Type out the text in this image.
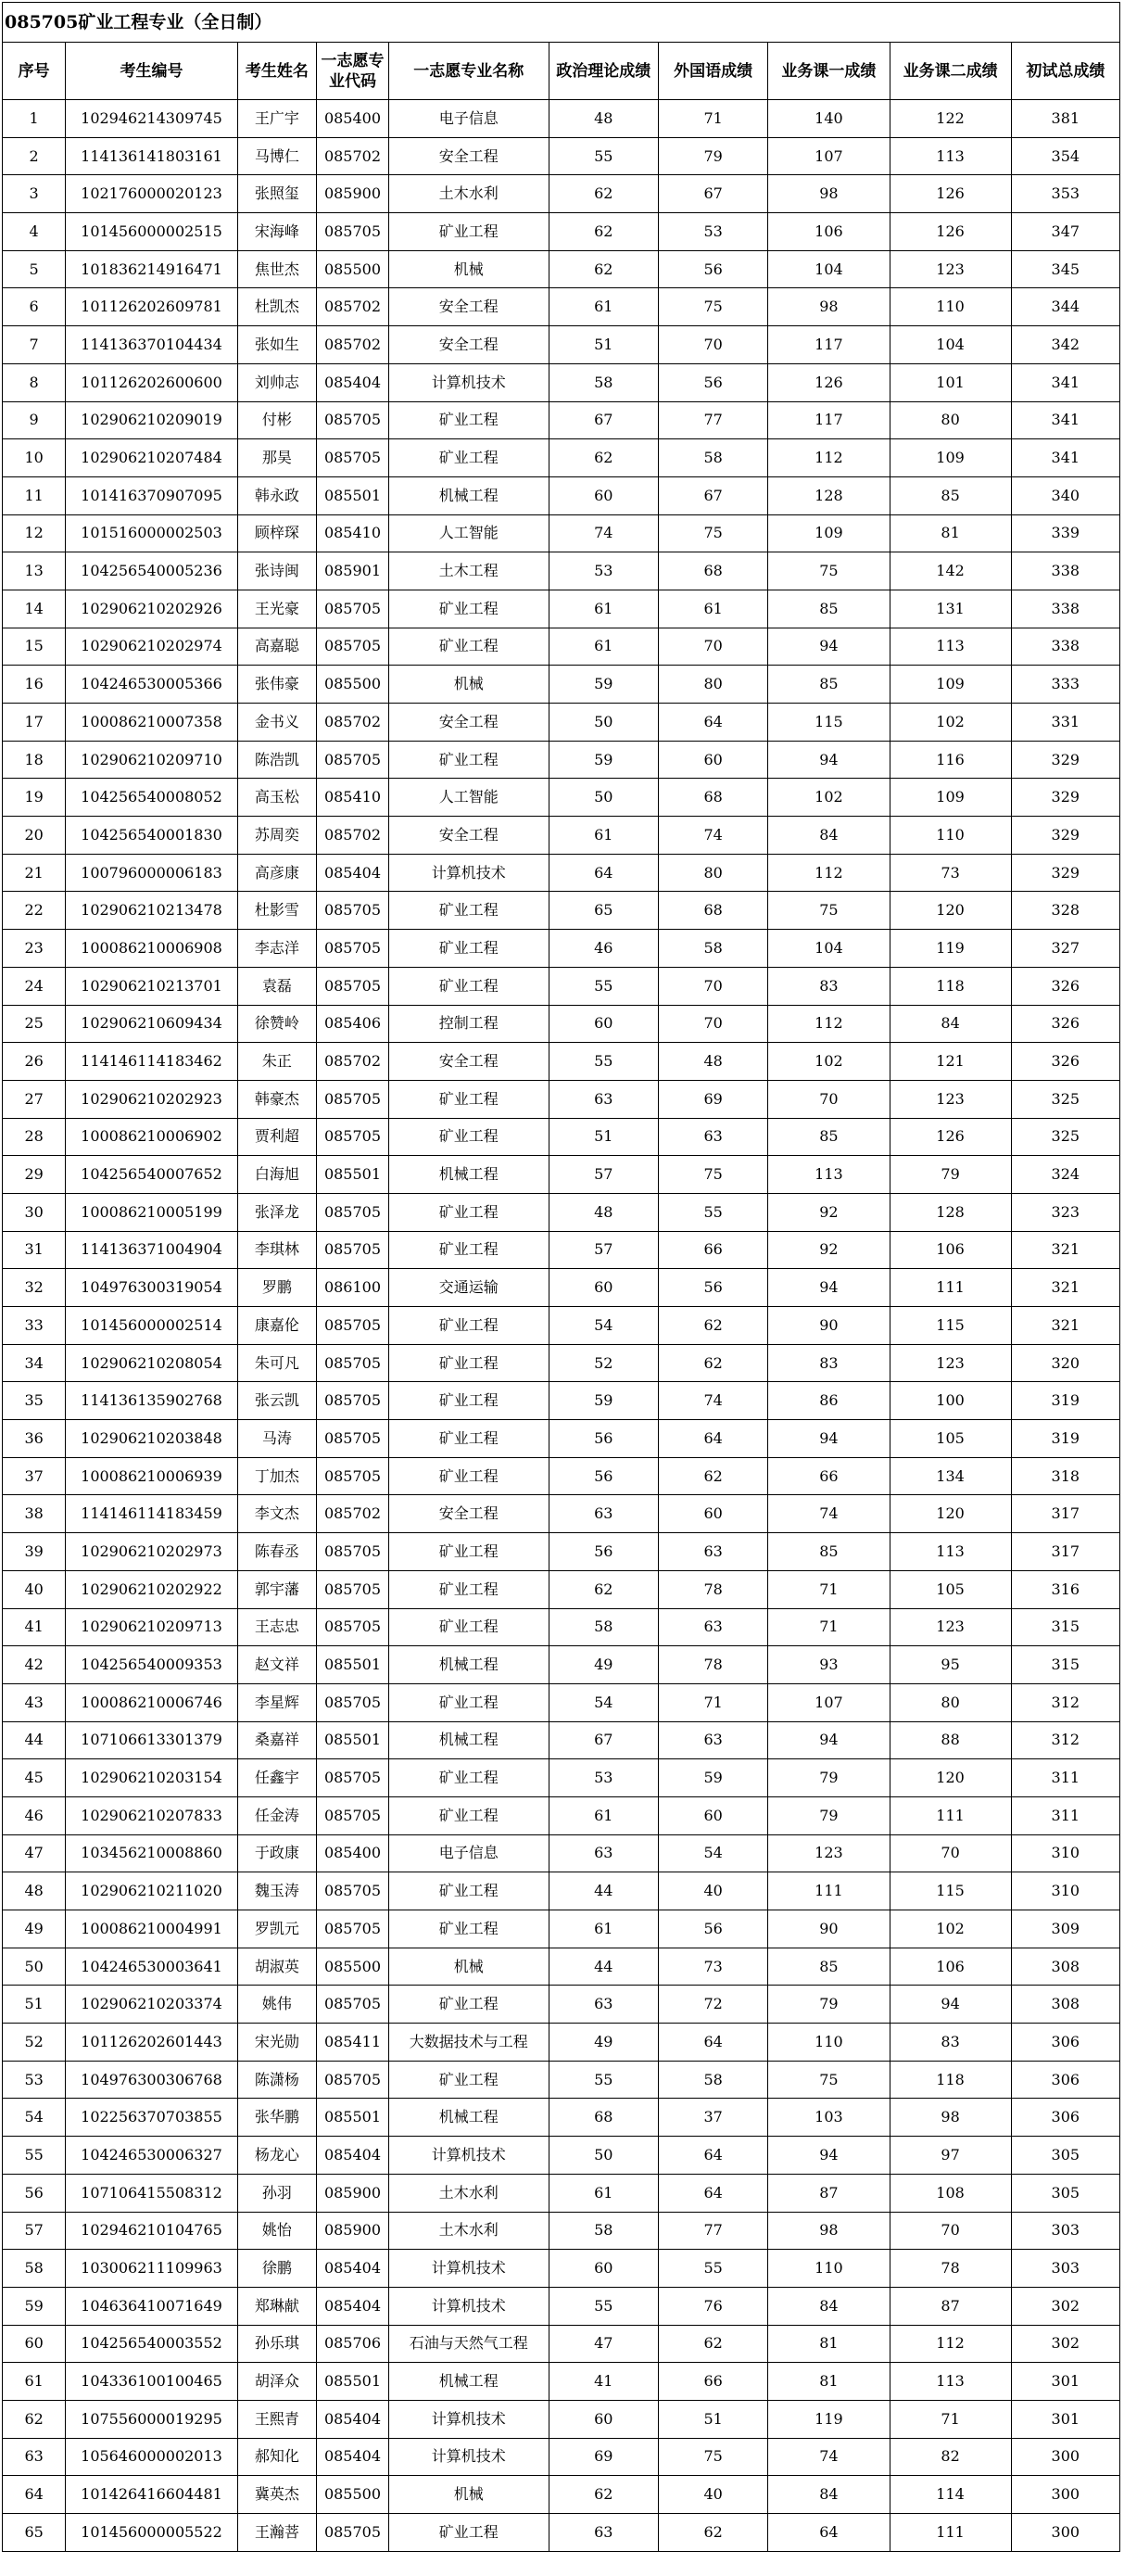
085705矿业工程专业（全日制）
序号	考生编号	考生姓名	一志愿专业代码	一志愿专业名称	政治理论成绩	外国语成绩	业务课一成绩	业务课二成绩	初试总成绩
1	102946214309745	王广宇	085400	电子信息	48	71	140	122	381
2	114136141803161	马博仁	085702	安全工程	55	79	107	113	354
3	102176000020123	张照玺	085900	土木水利	62	67	98	126	353
4	101456000002515	宋海峰	085705	矿业工程	62	53	106	126	347
5	101836214916471	焦世杰	085500	机械	62	56	104	123	345
6	101126202609781	杜凯杰	085702	安全工程	61	75	98	110	344
7	114136370104434	张如生	085702	安全工程	51	70	117	104	342
8	101126202600600	刘帅志	085404	计算机技术	58	56	126	101	341
9	102906210209019	付彬	085705	矿业工程	67	77	117	80	341
10	102906210207484	那昊	085705	矿业工程	62	58	112	109	341
11	101416370907095	韩永政	085501	机械工程	60	67	128	85	340
12	101516000002503	顾梓琛	085410	人工智能	74	75	109	81	339
13	104256540005236	张诗闽	085901	土木工程	53	68	75	142	338
14	102906210202926	王光豪	085705	矿业工程	61	61	85	131	338
15	102906210202974	高嘉聪	085705	矿业工程	61	70	94	113	338
16	104246530005366	张伟豪	085500	机械	59	80	85	109	333
17	100086210007358	金书义	085702	安全工程	50	64	115	102	331
18	102906210209710	陈浩凯	085705	矿业工程	59	60	94	116	329
19	104256540008052	高玉松	085410	人工智能	50	68	102	109	329
20	104256540001830	苏周奕	085702	安全工程	61	74	84	110	329
21	100796000006183	高彦康	085404	计算机技术	64	80	112	73	329
22	102906210213478	杜影雪	085705	矿业工程	65	68	75	120	328
23	100086210006908	李志洋	085705	矿业工程	46	58	104	119	327
24	102906210213701	袁磊	085705	矿业工程	55	70	83	118	326
25	102906210609434	徐赞岭	085406	控制工程	60	70	112	84	326
26	114146114183462	朱正	085702	安全工程	55	48	102	121	326
27	102906210202923	韩豪杰	085705	矿业工程	63	69	70	123	325
28	100086210006902	贾利超	085705	矿业工程	51	63	85	126	325
29	104256540007652	白海旭	085501	机械工程	57	75	113	79	324
30	100086210005199	张泽龙	085705	矿业工程	48	55	92	128	323
31	114136371004904	李琪林	085705	矿业工程	57	66	92	106	321
32	104976300319054	罗鹏	086100	交通运输	60	56	94	111	321
33	101456000002514	康嘉伦	085705	矿业工程	54	62	90	115	321
34	102906210208054	朱可凡	085705	矿业工程	52	62	83	123	320
35	114136135902768	张云凯	085705	矿业工程	59	74	86	100	319
36	102906210203848	马涛	085705	矿业工程	56	64	94	105	319
37	100086210006939	丁加杰	085705	矿业工程	56	62	66	134	318
38	114146114183459	李文杰	085702	安全工程	63	60	74	120	317
39	102906210202973	陈春丞	085705	矿业工程	56	63	85	113	317
40	102906210202922	郭宇藩	085705	矿业工程	62	78	71	105	316
41	102906210209713	王志忠	085705	矿业工程	58	63	71	123	315
42	104256540009353	赵文祥	085501	机械工程	49	78	93	95	315
43	100086210006746	李星辉	085705	矿业工程	54	71	107	80	312
44	107106613301379	桑嘉祥	085501	机械工程	67	63	94	88	312
45	102906210203154	任鑫宇	085705	矿业工程	53	59	79	120	311
46	102906210207833	任金涛	085705	矿业工程	61	60	79	111	311
47	103456210008860	于政康	085400	电子信息	63	54	123	70	310
48	102906210211020	魏玉涛	085705	矿业工程	44	40	111	115	310
49	100086210004991	罗凯元	085705	矿业工程	61	56	90	102	309
50	104246530003641	胡淑英	085500	机械	44	73	85	106	308
51	102906210203374	姚伟	085705	矿业工程	63	72	79	94	308
52	101126202601443	宋光勋	085411	大数据技术与工程	49	64	110	83	306
53	104976300306768	陈潇杨	085705	矿业工程	55	58	75	118	306
54	102256370703855	张华鹏	085501	机械工程	68	37	103	98	306
55	104246530006327	杨龙心	085404	计算机技术	50	64	94	97	305
56	107106415508312	孙羽	085900	土木水利	61	64	87	108	305
57	102946210104765	姚怡	085900	土木水利	58	77	98	70	303
58	103006211109963	徐鹏	085404	计算机技术	60	55	110	78	303
59	104636410071649	郑琳献	085404	计算机技术	55	76	84	87	302
60	104256540003552	孙乐琪	085706	石油与天然气工程	47	62	81	112	302
61	104336100100465	胡泽众	085501	机械工程	41	66	81	113	301
62	107556000019295	王熙青	085404	计算机技术	60	51	119	71	301
63	105646000002013	郝知化	085404	计算机技术	69	75	74	82	300
64	101426416604481	冀英杰	085500	机械	62	40	84	114	300
65	101456000005522	王瀚菩	085705	矿业工程	63	62	64	111	300
